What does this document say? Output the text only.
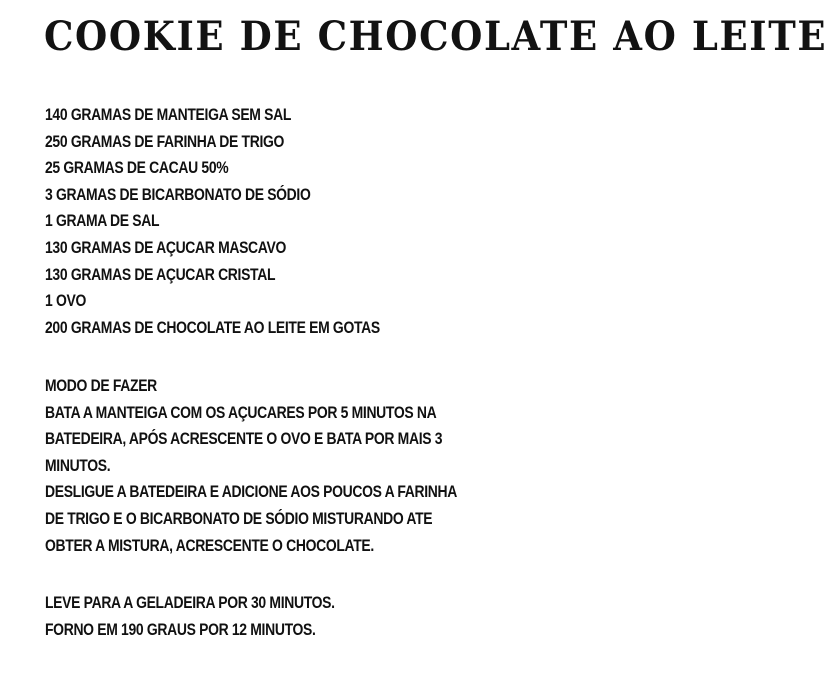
COOKIE DE CHOCOLATE AO LEITE
140 GRAMAS DE MANTEIGA SEM SAL
250 GRAMAS DE FARINHA DE TRIGO
25 GRAMAS DE CACAU 50%
3 GRAMAS DE BICARBONATO DE SÓDIO
1 GRAMA DE SAL
130 GRAMAS DE AÇUCAR MASCAVO
130 GRAMAS DE AÇUCAR CRISTAL
1 OVO
200 GRAMAS DE CHOCOLATE AO LEITE EM GOTAS
MODO DE FAZER
BATA A MANTEIGA COM OS AÇUCARES POR 5 MINUTOS NA
BATEDEIRA, APÓS ACRESCENTE O OVO E BATA POR MAIS 3
MINUTOS.
DESLIGUE A BATEDEIRA E ADICIONE AOS POUCOS A FARINHA
DE TRIGO E O BICARBONATO DE SÓDIO MISTURANDO ATE
OBTER A MISTURA, ACRESCENTE O CHOCOLATE.
LEVE PARA A GELADEIRA POR 30 MINUTOS.
FORNO EM 190 GRAUS POR 12 MINUTOS.
